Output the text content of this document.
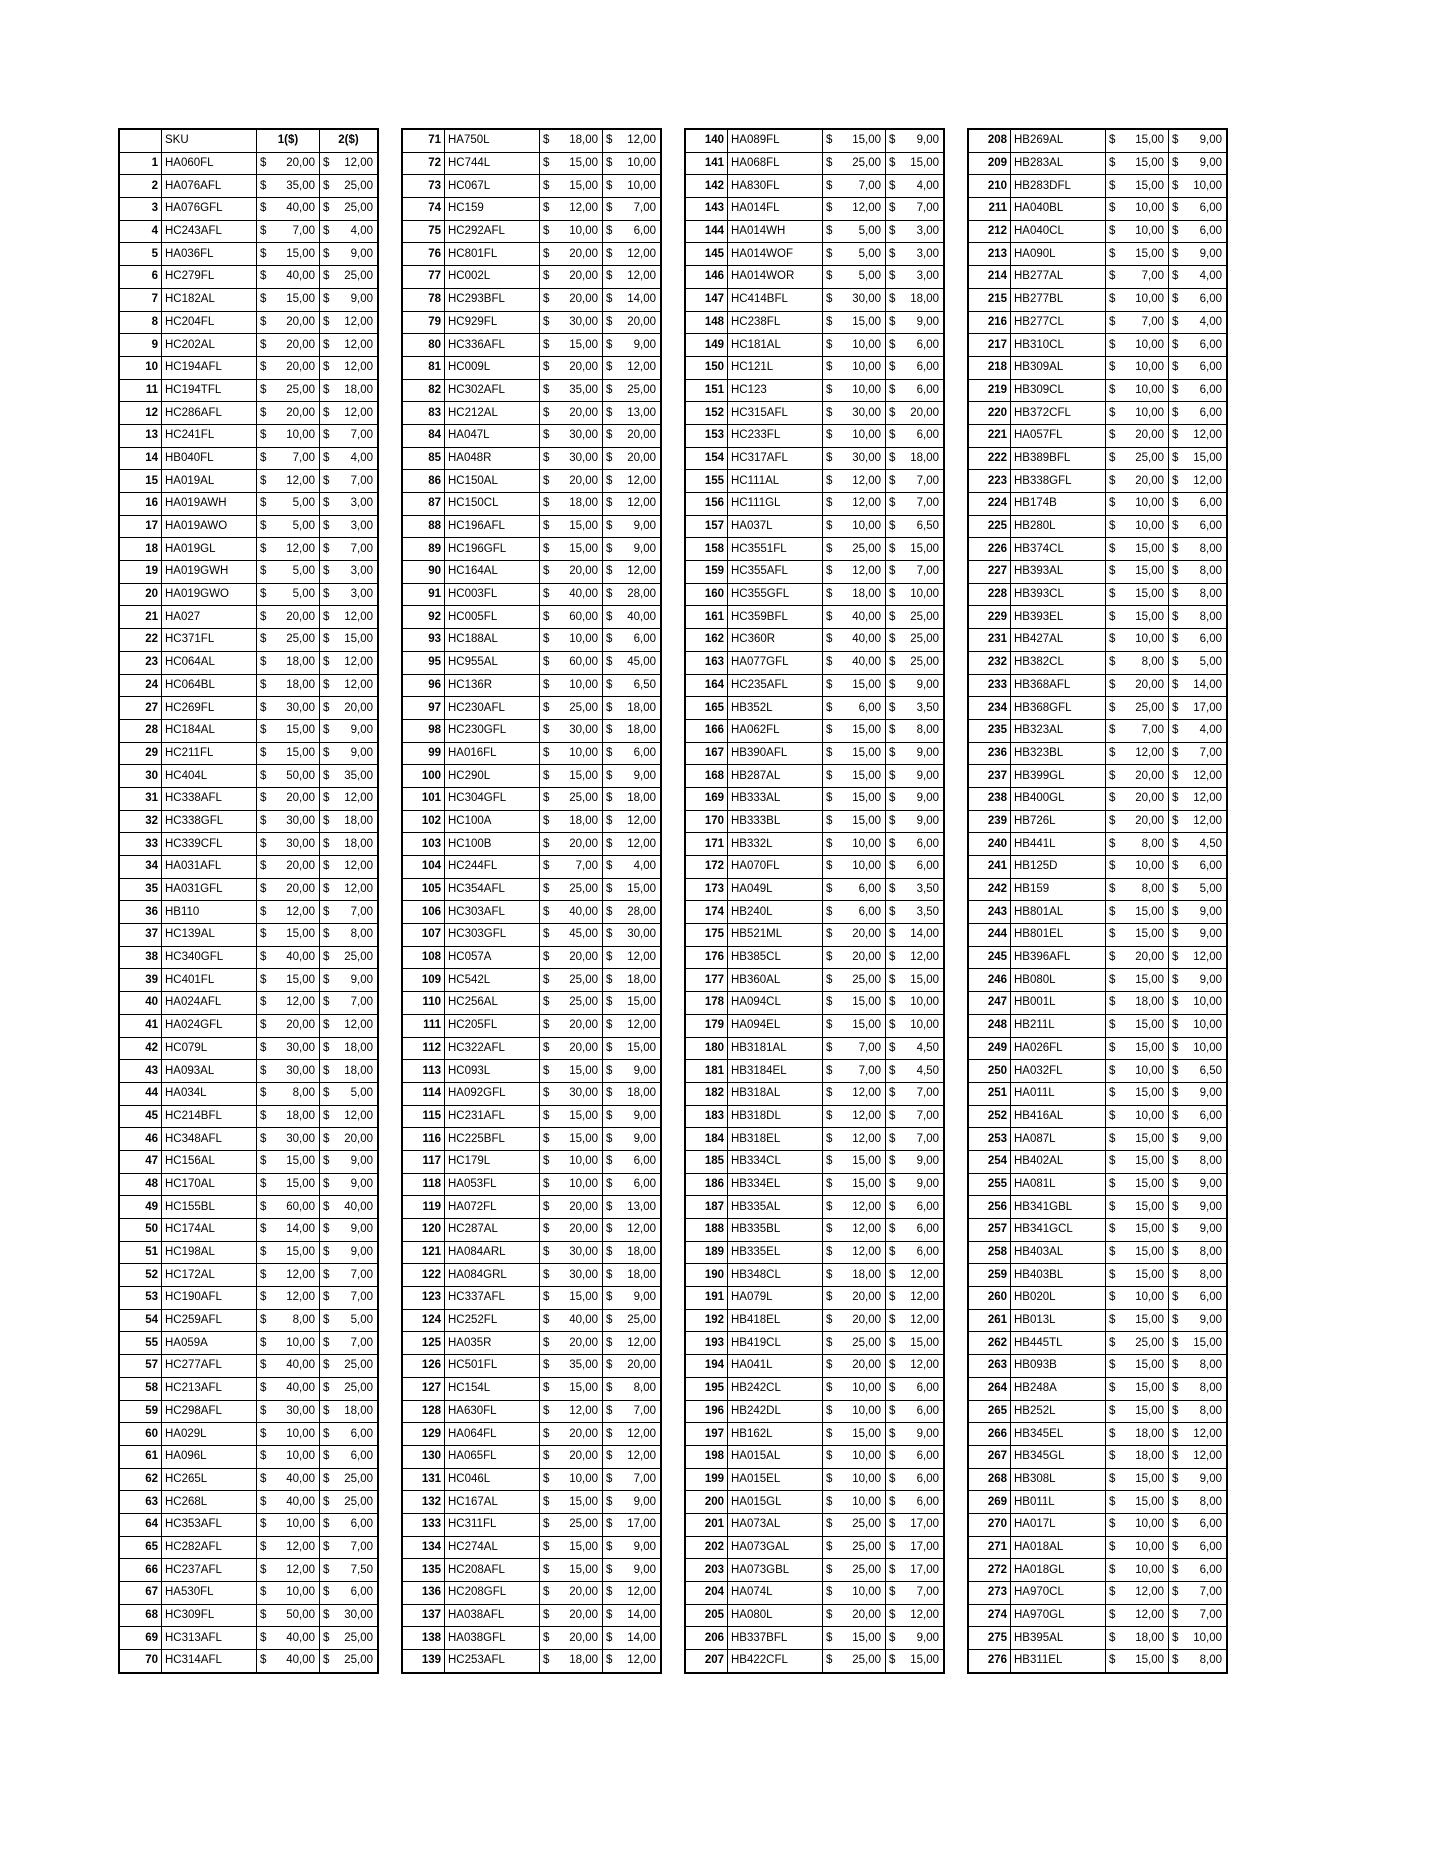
	SKU	1($)	2($)
1	HA060FL	$ 20,00	$ 12,00

2	HA076AFL	$ 35,00	$ 25,00

3	HA076GFL	$ 40,00	$ 25,00

4	HC243AFL	$ 7,00	$ 4,00

5	HA036FL	$ 15,00	$ 9,00

6	HC279FL	$ 40,00	$ 25,00

7	HC182AL	$ 15,00	$ 9,00

8	HC204FL	$ 20,00	$ 12,00

9	HC202AL	$ 20,00	$ 12,00

10	HC194AFL	$ 20,00	$ 12,00

11	HC194TFL	$ 25,00	$ 18,00

12	HC286AFL	$ 20,00	$ 12,00

13	HC241FL	$ 10,00	$ 7,00

14	HB040FL	$ 7,00	$ 4,00

15	HA019AL	$ 12,00	$ 7,00

16	HA019AWH	$ 5,00	$ 3,00

17	HA019AWO	$ 5,00	$ 3,00

18	HA019GL	$ 12,00	$ 7,00

19	HA019GWH	$ 5,00	$ 3,00

20	HA019GWO	$ 5,00	$ 3,00

21	HA027	$ 20,00	$ 12,00

22	HC371FL	$ 25,00	$ 15,00

23	HC064AL	$ 18,00	$ 12,00

24	HC064BL	$ 18,00	$ 12,00

27	HC269FL	$ 30,00	$ 20,00

28	HC184AL	$ 15,00	$ 9,00

29	HC211FL	$ 15,00	$ 9,00

30	HC404L	$ 50,00	$ 35,00

31	HC338AFL	$ 20,00	$ 12,00

32	HC338GFL	$ 30,00	$ 18,00

33	HC339CFL	$ 30,00	$ 18,00

34	HA031AFL	$ 20,00	$ 12,00

35	HA031GFL	$ 20,00	$ 12,00

36	HB110	$ 12,00	$ 7,00

37	HC139AL	$ 15,00	$ 8,00

38	HC340GFL	$ 40,00	$ 25,00

39	HC401FL	$ 15,00	$ 9,00

40	HA024AFL	$ 12,00	$ 7,00

41	HA024GFL	$ 20,00	$ 12,00

42	HC079L	$ 30,00	$ 18,00

43	HA093AL	$ 30,00	$ 18,00

44	HA034L	$ 8,00	$ 5,00

45	HC214BFL	$ 18,00	$ 12,00

46	HC348AFL	$ 30,00	$ 20,00

47	HC156AL	$ 15,00	$ 9,00

48	HC170AL	$ 15,00	$ 9,00

49	HC155BL	$ 60,00	$ 40,00

50	HC174AL	$ 14,00	$ 9,00

51	HC198AL	$ 15,00	$ 9,00

52	HC172AL	$ 12,00	$ 7,00

53	HC190AFL	$ 12,00	$ 7,00

54	HC259AFL	$ 8,00	$ 5,00

55	HA059A	$ 10,00	$ 7,00

57	HC277AFL	$ 40,00	$ 25,00

58	HC213AFL	$ 40,00	$ 25,00

59	HC298AFL	$ 30,00	$ 18,00

60	HA029L	$ 10,00	$ 6,00

61	HA096L	$ 10,00	$ 6,00

62	HC265L	$ 40,00	$ 25,00

63	HC268L	$ 40,00	$ 25,00

64	HC353AFL	$ 10,00	$ 6,00

65	HC282AFL	$ 12,00	$ 7,00

66	HC237AFL	$ 12,00	$ 7,50

67	HA530FL	$ 10,00	$ 6,00

68	HC309FL	$ 50,00	$ 30,00

69	HC313AFL	$ 40,00	$ 25,00

70	HC314AFL	$ 40,00	$ 25,00
71	HA750L	$ 18,00	$ 12,00

72	HC744L	$ 15,00	$ 10,00

73	HC067L	$ 15,00	$ 10,00

74	HC159	$ 12,00	$ 7,00

75	HC292AFL	$ 10,00	$ 6,00

76	HC801FL	$ 20,00	$ 12,00

77	HC002L	$ 20,00	$ 12,00

78	HC293BFL	$ 20,00	$ 14,00

79	HC929FL	$ 30,00	$ 20,00

80	HC336AFL	$ 15,00	$ 9,00

81	HC009L	$ 20,00	$ 12,00

82	HC302AFL	$ 35,00	$ 25,00

83	HC212AL	$ 20,00	$ 13,00

84	HA047L	$ 30,00	$ 20,00

85	HA048R	$ 30,00	$ 20,00

86	HC150AL	$ 20,00	$ 12,00

87	HC150CL	$ 18,00	$ 12,00

88	HC196AFL	$ 15,00	$ 9,00

89	HC196GFL	$ 15,00	$ 9,00

90	HC164AL	$ 20,00	$ 12,00

91	HC003FL	$ 40,00	$ 28,00

92	HC005FL	$ 60,00	$ 40,00

93	HC188AL	$ 10,00	$ 6,00

95	HC955AL	$ 60,00	$ 45,00

96	HC136R	$ 10,00	$ 6,50

97	HC230AFL	$ 25,00	$ 18,00

98	HC230GFL	$ 30,00	$ 18,00

99	HA016FL	$ 10,00	$ 6,00

100	HC290L	$ 15,00	$ 9,00

101	HC304GFL	$ 25,00	$ 18,00

102	HC100A	$ 18,00	$ 12,00

103	HC100B	$ 20,00	$ 12,00

104	HC244FL	$ 7,00	$ 4,00

105	HC354AFL	$ 25,00	$ 15,00

106	HC303AFL	$ 40,00	$ 28,00

107	HC303GFL	$ 45,00	$ 30,00

108	HC057A	$ 20,00	$ 12,00

109	HC542L	$ 25,00	$ 18,00

110	HC256AL	$ 25,00	$ 15,00

111	HC205FL	$ 20,00	$ 12,00

112	HC322AFL	$ 20,00	$ 15,00

113	HC093L	$ 15,00	$ 9,00

114	HA092GFL	$ 30,00	$ 18,00

115	HC231AFL	$ 15,00	$ 9,00

116	HC225BFL	$ 15,00	$ 9,00

117	HC179L	$ 10,00	$ 6,00

118	HA053FL	$ 10,00	$ 6,00

119	HA072FL	$ 20,00	$ 13,00

120	HC287AL	$ 20,00	$ 12,00

121	HA084ARL	$ 30,00	$ 18,00

122	HA084GRL	$ 30,00	$ 18,00

123	HC337AFL	$ 15,00	$ 9,00

124	HC252FL	$ 40,00	$ 25,00

125	HA035R	$ 20,00	$ 12,00

126	HC501FL	$ 35,00	$ 20,00

127	HC154L	$ 15,00	$ 8,00

128	HA630FL	$ 12,00	$ 7,00

129	HA064FL	$ 20,00	$ 12,00

130	HA065FL	$ 20,00	$ 12,00

131	HC046L	$ 10,00	$ 7,00

132	HC167AL	$ 15,00	$ 9,00

133	HC311FL	$ 25,00	$ 17,00

134	HC274AL	$ 15,00	$ 9,00

135	HC208AFL	$ 15,00	$ 9,00

136	HC208GFL	$ 20,00	$ 12,00

137	HA038AFL	$ 20,00	$ 14,00

138	HA038GFL	$ 20,00	$ 14,00

139	HC253AFL	$ 18,00	$ 12,00
140	HA089FL	$ 15,00	$ 9,00

141	HA068FL	$ 25,00	$ 15,00

142	HA830FL	$ 7,00	$ 4,00

143	HA014FL	$ 12,00	$ 7,00

144	HA014WH	$ 5,00	$ 3,00

145	HA014WOF	$ 5,00	$ 3,00

146	HA014WOR	$ 5,00	$ 3,00

147	HC414BFL	$ 30,00	$ 18,00

148	HC238FL	$ 15,00	$ 9,00

149	HC181AL	$ 10,00	$ 6,00

150	HC121L	$ 10,00	$ 6,00

151	HC123	$ 10,00	$ 6,00

152	HC315AFL	$ 30,00	$ 20,00

153	HC233FL	$ 10,00	$ 6,00

154	HC317AFL	$ 30,00	$ 18,00

155	HC111AL	$ 12,00	$ 7,00

156	HC111GL	$ 12,00	$ 7,00

157	HA037L	$ 10,00	$ 6,50

158	HC3551FL	$ 25,00	$ 15,00

159	HC355AFL	$ 12,00	$ 7,00

160	HC355GFL	$ 18,00	$ 10,00

161	HC359BFL	$ 40,00	$ 25,00

162	HC360R	$ 40,00	$ 25,00

163	HA077GFL	$ 40,00	$ 25,00

164	HC235AFL	$ 15,00	$ 9,00

165	HB352L	$ 6,00	$ 3,50

166	HA062FL	$ 15,00	$ 8,00

167	HB390AFL	$ 15,00	$ 9,00

168	HB287AL	$ 15,00	$ 9,00

169	HB333AL	$ 15,00	$ 9,00

170	HB333BL	$ 15,00	$ 9,00

171	HB332L	$ 10,00	$ 6,00

172	HA070FL	$ 10,00	$ 6,00

173	HA049L	$ 6,00	$ 3,50

174	HB240L	$ 6,00	$ 3,50

175	HB521ML	$ 20,00	$ 14,00

176	HB385CL	$ 20,00	$ 12,00

177	HB360AL	$ 25,00	$ 15,00

178	HA094CL	$ 15,00	$ 10,00

179	HA094EL	$ 15,00	$ 10,00

180	HB3181AL	$ 7,00	$ 4,50

181	HB3184EL	$ 7,00	$ 4,50

182	HB318AL	$ 12,00	$ 7,00

183	HB318DL	$ 12,00	$ 7,00

184	HB318EL	$ 12,00	$ 7,00

185	HB334CL	$ 15,00	$ 9,00

186	HB334EL	$ 15,00	$ 9,00

187	HB335AL	$ 12,00	$ 6,00

188	HB335BL	$ 12,00	$ 6,00

189	HB335EL	$ 12,00	$ 6,00

190	HB348CL	$ 18,00	$ 12,00

191	HA079L	$ 20,00	$ 12,00

192	HB418EL	$ 20,00	$ 12,00

193	HB419CL	$ 25,00	$ 15,00

194	HA041L	$ 20,00	$ 12,00

195	HB242CL	$ 10,00	$ 6,00

196	HB242DL	$ 10,00	$ 6,00

197	HB162L	$ 15,00	$ 9,00

198	HA015AL	$ 10,00	$ 6,00

199	HA015EL	$ 10,00	$ 6,00

200	HA015GL	$ 10,00	$ 6,00

201	HA073AL	$ 25,00	$ 17,00

202	HA073GAL	$ 25,00	$ 17,00

203	HA073GBL	$ 25,00	$ 17,00

204	HA074L	$ 10,00	$ 7,00

205	HA080L	$ 20,00	$ 12,00

206	HB337BFL	$ 15,00	$ 9,00

207	HB422CFL	$ 25,00	$ 15,00
208	HB269AL	$ 15,00	$ 9,00

209	HB283AL	$ 15,00	$ 9,00

210	HB283DFL	$ 15,00	$ 10,00

211	HA040BL	$ 10,00	$ 6,00

212	HA040CL	$ 10,00	$ 6,00

213	HA090L	$ 15,00	$ 9,00

214	HB277AL	$ 7,00	$ 4,00

215	HB277BL	$ 10,00	$ 6,00

216	HB277CL	$ 7,00	$ 4,00

217	HB310CL	$ 10,00	$ 6,00

218	HB309AL	$ 10,00	$ 6,00

219	HB309CL	$ 10,00	$ 6,00

220	HB372CFL	$ 10,00	$ 6,00

221	HA057FL	$ 20,00	$ 12,00

222	HB389BFL	$ 25,00	$ 15,00

223	HB338GFL	$ 20,00	$ 12,00

224	HB174B	$ 10,00	$ 6,00

225	HB280L	$ 10,00	$ 6,00

226	HB374CL	$ 15,00	$ 8,00

227	HB393AL	$ 15,00	$ 8,00

228	HB393CL	$ 15,00	$ 8,00

229	HB393EL	$ 15,00	$ 8,00

231	HB427AL	$ 10,00	$ 6,00

232	HB382CL	$ 8,00	$ 5,00

233	HB368AFL	$ 20,00	$ 14,00

234	HB368GFL	$ 25,00	$ 17,00

235	HB323AL	$ 7,00	$ 4,00

236	HB323BL	$ 12,00	$ 7,00

237	HB399GL	$ 20,00	$ 12,00

238	HB400GL	$ 20,00	$ 12,00

239	HB726L	$ 20,00	$ 12,00

240	HB441L	$ 8,00	$ 4,50

241	HB125D	$ 10,00	$ 6,00

242	HB159	$ 8,00	$ 5,00

243	HB801AL	$ 15,00	$ 9,00

244	HB801EL	$ 15,00	$ 9,00

245	HB396AFL	$ 20,00	$ 12,00

246	HB080L	$ 15,00	$ 9,00

247	HB001L	$ 18,00	$ 10,00

248	HB211L	$ 15,00	$ 10,00

249	HA026FL	$ 15,00	$ 10,00

250	HA032FL	$ 10,00	$ 6,50

251	HA011L	$ 15,00	$ 9,00

252	HB416AL	$ 10,00	$ 6,00

253	HA087L	$ 15,00	$ 9,00

254	HB402AL	$ 15,00	$ 8,00

255	HA081L	$ 15,00	$ 9,00

256	HB341GBL	$ 15,00	$ 9,00

257	HB341GCL	$ 15,00	$ 9,00

258	HB403AL	$ 15,00	$ 8,00

259	HB403BL	$ 15,00	$ 8,00

260	HB020L	$ 10,00	$ 6,00

261	HB013L	$ 15,00	$ 9,00

262	HB445TL	$ 25,00	$ 15,00

263	HB093B	$ 15,00	$ 8,00

264	HB248A	$ 15,00	$ 8,00

265	HB252L	$ 15,00	$ 8,00

266	HB345EL	$ 18,00	$ 12,00

267	HB345GL	$ 18,00	$ 12,00

268	HB308L	$ 15,00	$ 9,00

269	HB011L	$ 15,00	$ 8,00

270	HA017L	$ 10,00	$ 6,00

271	HA018AL	$ 10,00	$ 6,00

272	HA018GL	$ 10,00	$ 6,00

273	HA970CL	$ 12,00	$ 7,00

274	HA970GL	$ 12,00	$ 7,00

275	HB395AL	$ 18,00	$ 10,00

276	HB311EL	$ 15,00	$ 8,00
